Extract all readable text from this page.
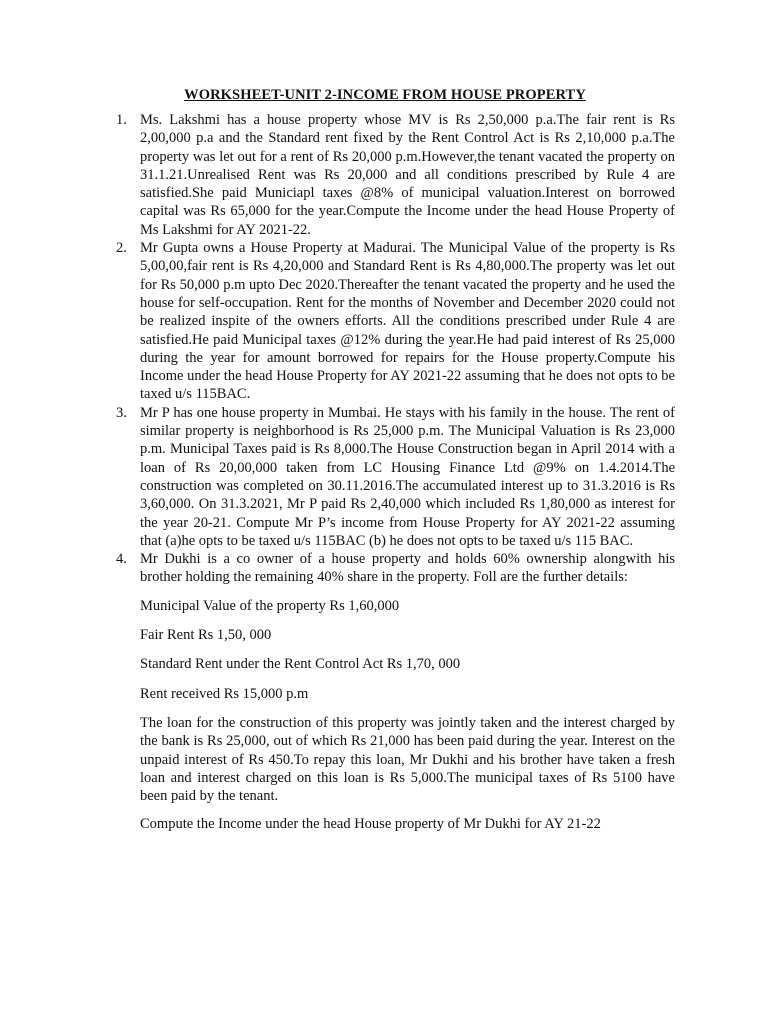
WORKSHEET-UNIT 2-INCOME FROM HOUSE PROPERTY
1. Ms. Lakshmi has a house property whose MV is Rs 2,50,000 p.a.The fair rent is Rs 2,00,000 p.a and the Standard rent fixed by the Rent Control Act is Rs 2,10,000 p.a.The property was let out for a rent of Rs 20,000 p.m.However,the tenant vacated the property on 31.1.21.Unrealised Rent was Rs 20,000 and all conditions prescribed by Rule 4 are satisfied.She paid Municiapl taxes @8% of municipal valuation.Interest on borrowed capital was Rs 65,000 for the year.Compute the Income under the head House Property of Ms Lakshmi for AY 2021-22.
2. Mr Gupta owns a House Property at Madurai. The Municipal Value of the property is Rs 5,00,00,fair rent is Rs 4,20,000 and Standard Rent is Rs 4,80,000.The property was let out for Rs 50,000 p.m upto Dec 2020.Thereafter the tenant vacated the property and he used the house for self-occupation. Rent for the months of November and December 2020 could not be realized inspite of the owners efforts. All the conditions prescribed under Rule 4 are satisfied.He paid Municipal taxes @12% during the year.He had paid interest of Rs 25,000 during the year for amount borrowed for repairs for the House property.Compute his Income under the head House Property for AY 2021-22 assuming that he does not opts to be taxed u/s 115BAC.
3. Mr P has one house property in Mumbai. He stays with his family in the house. The rent of similar property is neighborhood is Rs 25,000 p.m. The Municipal Valuation is Rs 23,000 p.m. Municipal Taxes paid is Rs 8,000.The House Construction began in April 2014 with a loan of Rs 20,00,000 taken from LC Housing Finance Ltd @9% on 1.4.2014.The construction was completed on 30.11.2016.The accumulated interest up to 31.3.2016 is Rs 3,60,000. On 31.3.2021, Mr P paid Rs 2,40,000 which included Rs 1,80,000 as interest for the year 20-21. Compute Mr P’s income from House Property for AY 2021-22 assuming that (a)he opts to be taxed u/s 115BAC (b) he does not opts to be taxed u/s 115 BAC.
4. Mr Dukhi is a co owner of a house property and holds 60% ownership alongwith his brother holding the remaining 40% share in the property. Foll are the further details:

Municipal Value of the property Rs 1,60,000

Fair Rent Rs 1,50, 000

Standard Rent under the Rent Control Act Rs 1,70, 000

Rent received Rs 15,000 p.m

The loan for the construction of this property was jointly taken and the interest charged by the bank is Rs 25,000, out of which Rs 21,000 has been paid during the year. Interest on the unpaid interest of Rs 450.To repay this loan, Mr Dukhi and his brother have taken a fresh loan and interest charged on this loan is Rs 5,000.The municipal taxes of Rs 5100 have been paid by the tenant.

Compute the Income under the head House property of Mr Dukhi for AY 21-22
